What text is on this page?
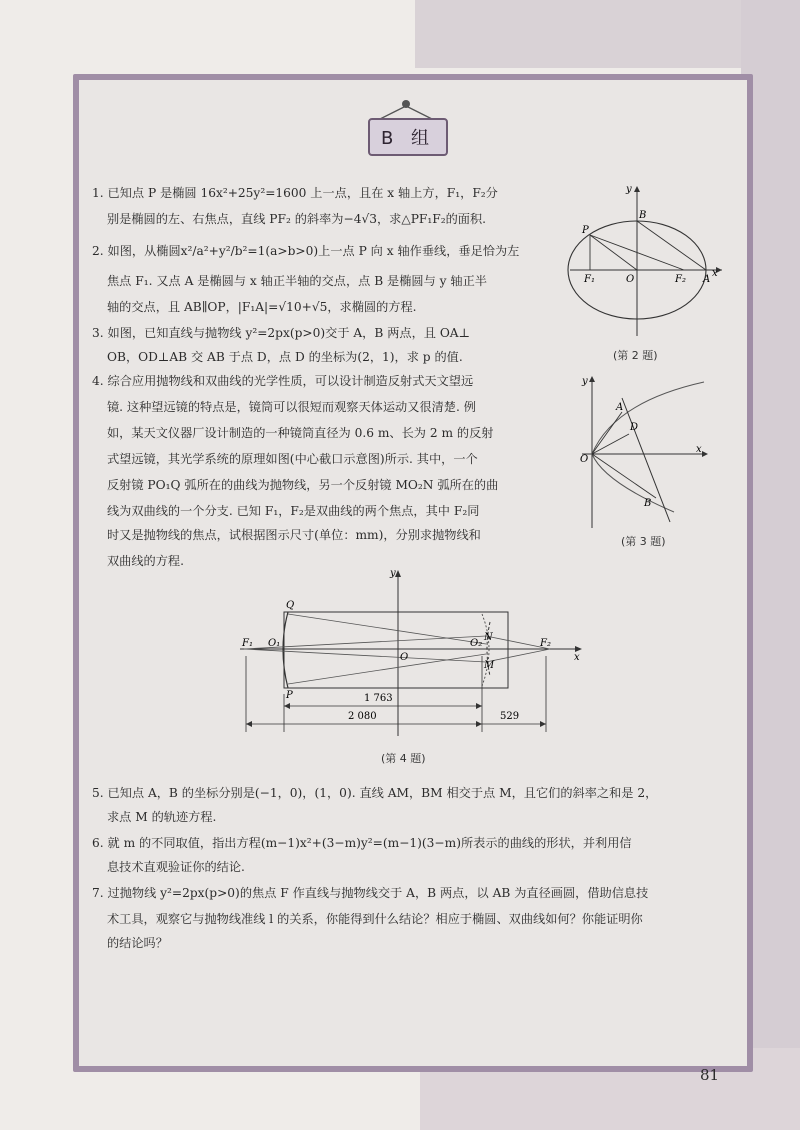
B 组

1. 已知点 P 是椭圆 16x²+25y²=1600 上一点，且在 x 轴上方，F₁，F₂分

别是椭圆的左、右焦点，直线 PF₂ 的斜率为−4√3，求△PF₁F₂的面积.

2. 如图，从椭圆x²/a²+y²/b²=1(a>b>0)上一点 P 向 x 轴作垂线，垂足恰为左

焦点 F₁. 又点 A 是椭圆与 x 轴正半轴的交点，点 B 是椭圆与 y 轴正半

轴的交点，且 AB∥OP，|F₁A|=√10+√5，求椭圆的方程.

3. 如图，已知直线与抛物线 y²=2px(p>0)交于 A，B 两点，且 OA⊥

OB，OD⊥AB 交 AB 于点 D，点 D 的坐标为(2，1)，求 p 的值.

4. 综合应用抛物线和双曲线的光学性质，可以设计制造反射式天文望远

镜. 这种望远镜的特点是，镜筒可以很短而观察天体运动又很清楚. 例

如，某天文仪器厂设计制造的一种镜筒直径为 0.6 m、长为 2 m 的反射

式望远镜，其光学系统的原理如图(中心截口示意图)所示. 其中，一个

反射镜 PO₁Q 弧所在的曲线为抛物线，另一个反射镜 MO₂N 弧所在的曲

线为双曲线的一个分支. 已知 F₁，F₂是双曲线的两个焦点，其中 F₂同

时又是抛物线的焦点，试根据图示尺寸(单位：mm)，分别求抛物线和

双曲线的方程.

5. 已知点 A，B 的坐标分别是(−1，0)，(1，0). 直线 AM，BM 相交于点 M，且它们的斜率之和是 2，

求点 M 的轨迹方程.

6. 就 m 的不同取值，指出方程(m−1)x²+(3−m)y²=(m−1)(3−m)所表示的曲线的形状，并利用信

息技术直观验证你的结论.

7. 过抛物线 y²=2px(p>0)的焦点 F 作直线与抛物线交于 A，B 两点，以 AB 为直径画圆，借助信息技

术工具，观察它与抛物线准线 l 的关系，你能得到什么结论？相应于椭圆、双曲线如何？你能证明你

的结论吗？

y
x
B
P
F₁	O	F₂ A
(第 2 题)
y
x
A
D
O
B
(第 3 题)
y
x
Q
P
F₁ O₁
O
O₂
N
M
F₂
1 763
2 080	529
(第 4 题)
81
